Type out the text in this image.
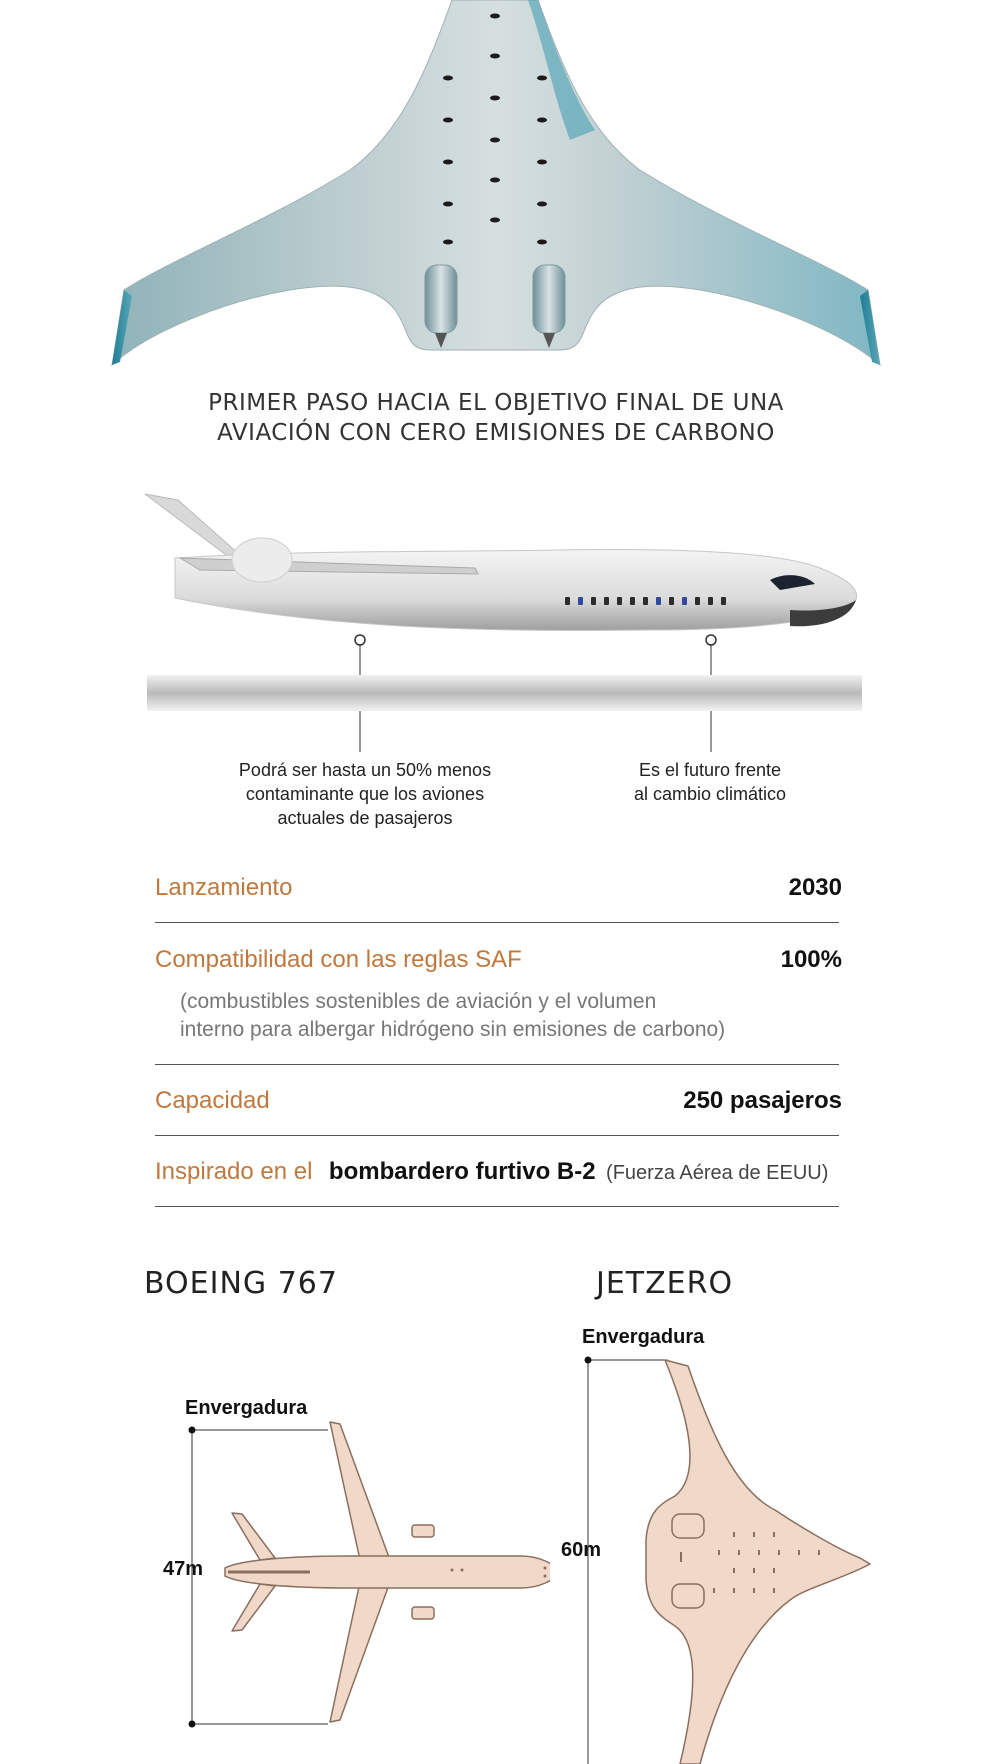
PRIMER PASO HACIA EL OBJETIVO FINAL DE UNA
AVIACIÓN CON CERO EMISIONES DE CARBONO
Podrá ser hasta un 50% menos
contaminante que los aviones
actuales de pasajeros
Es el futuro frente
al cambio climático
Lanzamiento	2030
Compatibilidad con las reglas SAF	100%
(combustibles sostenibles de aviación y el volumen
interno para albergar hidrógeno sin emisiones de carbono)
Capacidad	250 pasajeros
Inspirado en el bombardero furtivo B-2 (Fuerza Aérea de EEUU)
BOEING 767	JETZERO
Envergadura
47m
Envergadura
60m
